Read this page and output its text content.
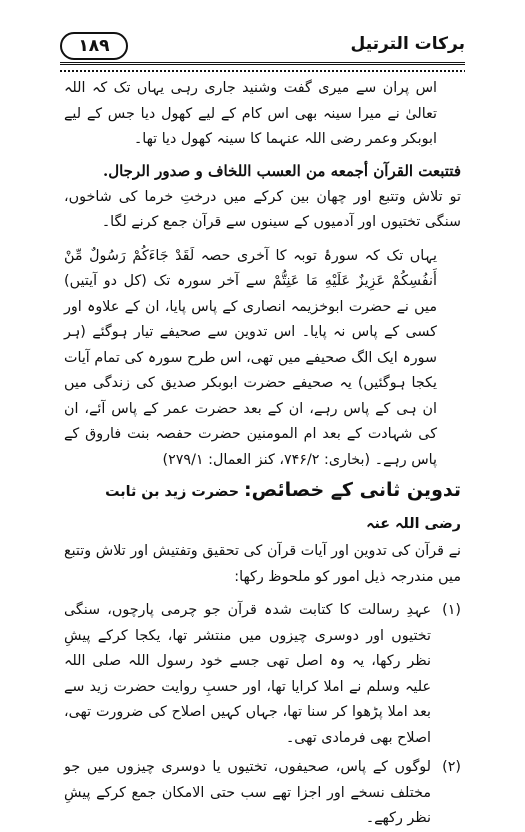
برکات الترتیل
١٨٩

اس پران سے میری گفت وشنید جاری رہی یہاں تک کہ اللہ تعالیٰ نے میرا سینہ بھی اس کام کے لیے کھول دیا جس کے لیے ابوبکر وعمر رضی اللہ عنہما کا سینہ کھول دیا تھا۔

فتتبعت القرآن أجمعه من العسب اللخاف و صدور الرجال.

تو تلاش وتتبع اور چھان بین کرکے میں درختِ خرما کی شاخوں، سنگی تختیوں اور آدمیوں کے سینوں سے قرآن جمع کرنے لگا۔

یہاں تک کہ سورۂ توبہ کا آخری حصہ لَقَدْ جَاءَكُمْ رَسُولٌ مِّنْ أَنفُسِكُمْ عَزِيزٌ عَلَيْهِ مَا عَنِتُّمْ سے آخر سورہ تک (کل دو آیتیں) میں نے حضرت ابوخزیمہ انصاری کے پاس پایا، ان کے علاوہ اور کسی کے پاس نہ پایا۔ اس تدوین سے صحیفے تیار ہوگئے (ہر سورہ ایک الگ صحیفے میں تھی، اس طرح سورہ کی تمام آیات یکجا ہوگئیں) یہ صحیفے حضرت ابوبکر صدیق کی زندگی میں ان ہی کے پاس رہے، ان کے بعد حضرت عمر کے پاس آئے، ان کی شہادت کے بعد ام المومنین حضرت حفصہ بنت فاروق کے پاس رہے۔ (بخاری: ۷۴۶/۲، کنز العمال: ۲۷۹/۱)

تدوین ثانی کے خصائص: حضرت زید بن ثابت رضی اللہ عنہ

نے قرآن کی تدوین اور آیات قرآن کی تحقیق وتفتیش اور تلاش وتتبع میں مندرجہ ذیل امور کو ملحوظ رکھا:

(۱)

عہدِ رسالت کا کتابت شدہ قرآن جو چرمی پارچوں، سنگی تختیوں اور دوسری چیزوں میں منتشر تھا، یکجا کرکے پیشِ نظر رکھا، یہ وہ اصل تھی جسے خود رسول اللہ صلی اللہ علیہ وسلم نے املا کرایا تھا، اور حسبِ روایت حضرت زید سے بعد املا پڑھوا کر سنا تھا، جہاں کہیں اصلاح کی ضرورت تھی، اصلاح بھی فرمادی تھی۔

(۲)

لوگوں کے پاس، صحیفوں، تختیوں یا دوسری چیزوں میں جو مختلف نسخے اور اجزا تھے سب حتی الامکان جمع کرکے پیشِ نظر رکھے۔
